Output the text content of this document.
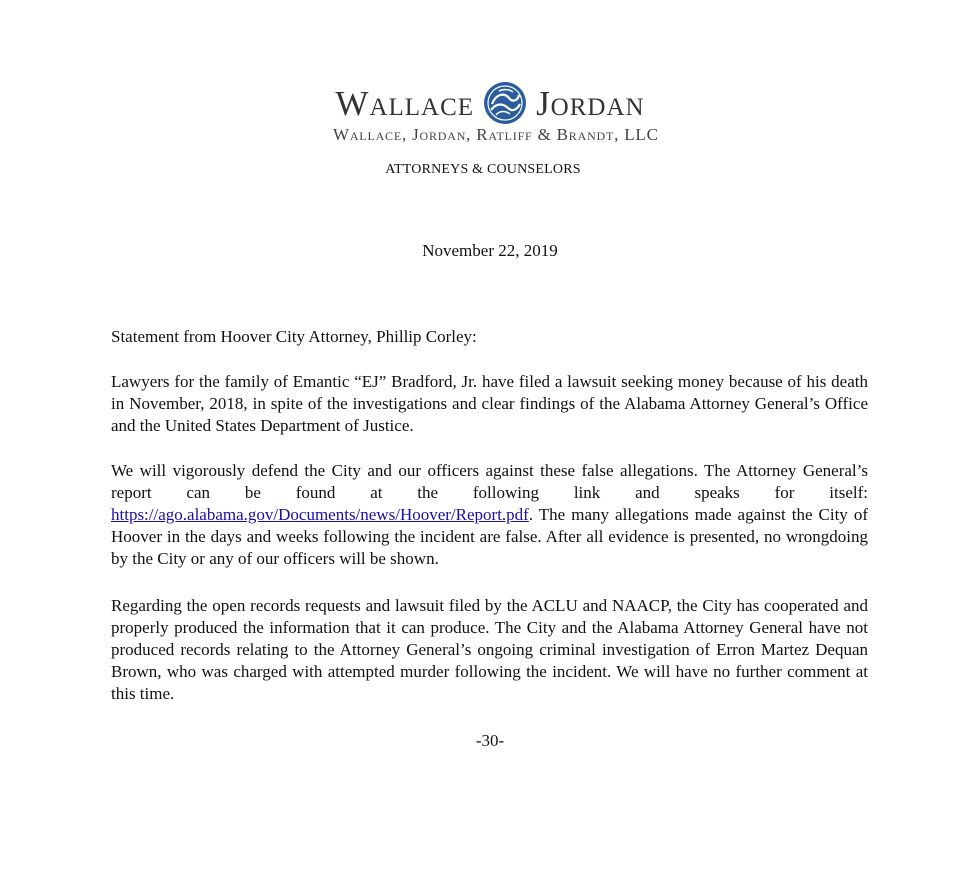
Wallace Jordan
Wallace, Jordan, Ratliff & Brandt, LLC
ATTORNEYS & COUNSELORS
November 22, 2019

Statement from Hoover City Attorney, Phillip Corley:

Lawyers for the family of Emantic “EJ” Bradford, Jr. have filed a lawsuit seeking money because of his death in November, 2018, in spite of the investigations and clear findings of the Alabama Attorney General’s Office and the United States Department of Justice.

We will vigorously defend the City and our officers against these false allegations. The Attorney General’s report can be found at the following link and speaks for itself: https://ago.alabama.gov/Documents/news/Hoover/Report.pdf. The many allegations made against the City of Hoover in the days and weeks following the incident are false. After all evidence is presented, no wrongdoing by the City or any of our officers will be shown.

Regarding the open records requests and lawsuit filed by the ACLU and NAACP, the City has cooperated and properly produced the information that it can produce. The City and the Alabama Attorney General have not produced records relating to the Attorney General’s ongoing criminal investigation of Erron Martez Dequan Brown, who was charged with attempted murder following the incident. We will have no further comment at this time.

-30-
